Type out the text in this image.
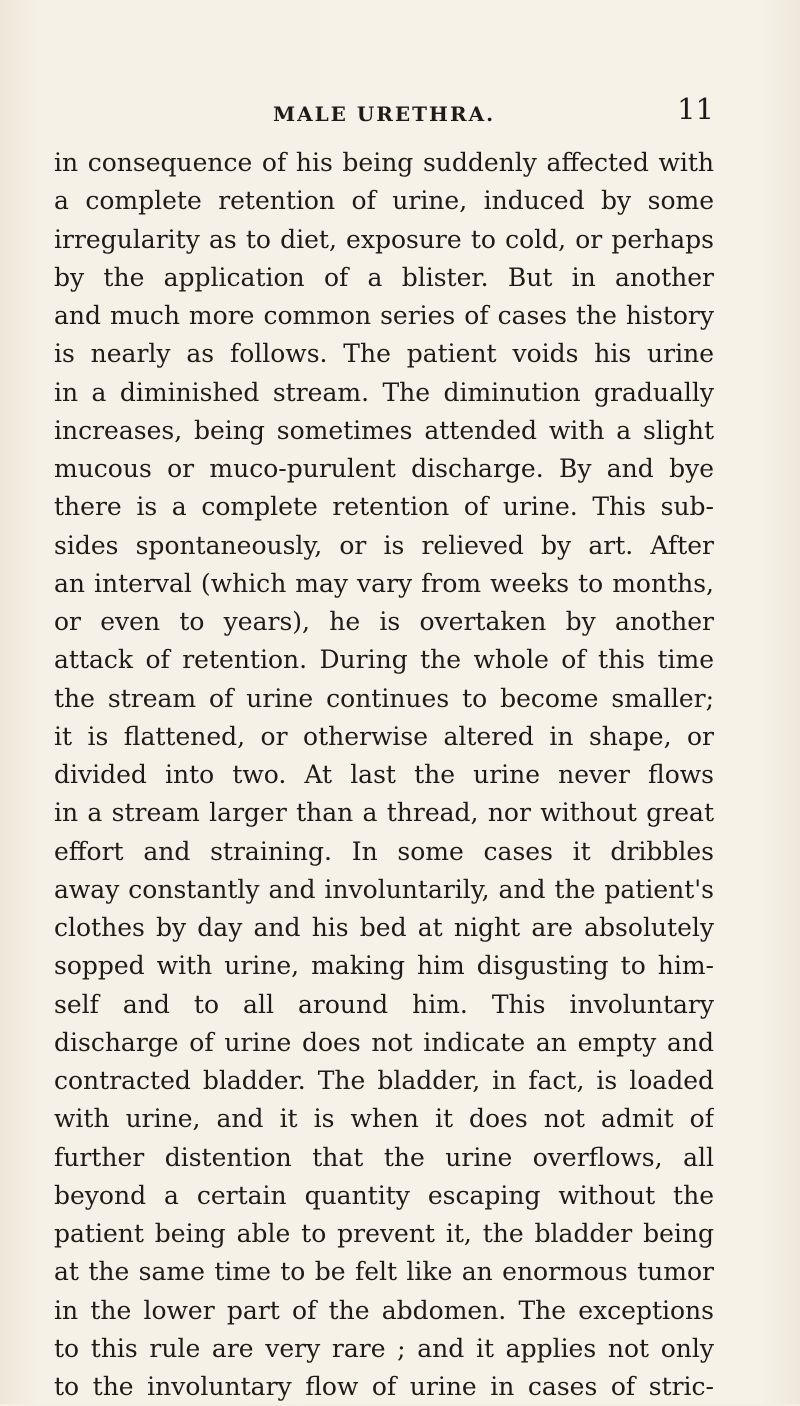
MALE URETHRA.	11
in consequence of his being suddenly affected with
a complete retention of urine, induced by some
irregularity as to diet, exposure to cold, or perhaps
by the application of a blister. But in another
and much more common series of cases the history
is nearly as follows. The patient voids his urine
in a diminished stream. The diminution gradually
increases, being sometimes attended with a slight
mucous or muco-purulent discharge. By and bye
there is a complete retention of urine. This sub-
sides spontaneously, or is relieved by art. After
an interval (which may vary from weeks to months,
or even to years), he is overtaken by another
attack of retention. During the whole of this time
the stream of urine continues to become smaller;
it is flattened, or otherwise altered in shape, or
divided into two. At last the urine never flows
in a stream larger than a thread, nor without great
effort and straining. In some cases it dribbles
away constantly and involuntarily, and the patient's
clothes by day and his bed at night are absolutely
sopped with urine, making him disgusting to him-
self and to all around him. This involuntary
discharge of urine does not indicate an empty and
contracted bladder. The bladder, in fact, is loaded
with urine, and it is when it does not admit of
further distention that the urine overflows, all
beyond a certain quantity escaping without the
patient being able to prevent it, the bladder being
at the same time to be felt like an enormous tumor
in the lower part of the abdomen. The exceptions
to this rule are very rare ; and it applies not only
to the involuntary flow of urine in cases of stric-
